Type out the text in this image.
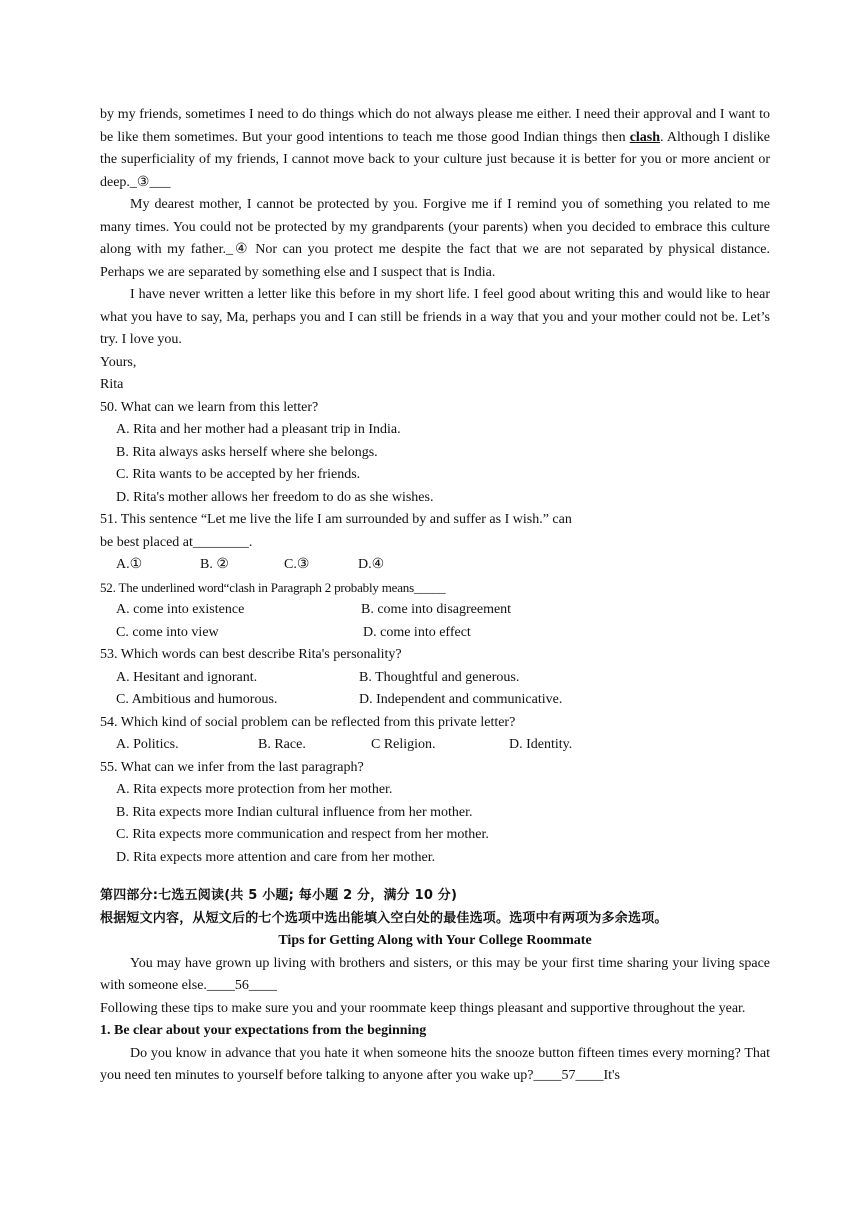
by my friends, sometimes I need to do things which do not always please me either. I need their approval and I want to be like them sometimes. But your good intentions to teach me those good Indian things then clash. Although I dislike the superficiality of my friends, I cannot move back to your culture just because it is better for you or more ancient or deep._③___

My dearest mother, I cannot be protected by you. Forgive me if I remind you of something you related to me many times. You could not be protected by my grandparents (your parents) when you decided to embrace this culture along with my father._④ Nor can you protect me despite the fact that we are not separated by physical distance. Perhaps we are separated by something else and I suspect that is India.

I have never written a letter like this before in my short life. I feel good about writing this and would like to hear what you have to say, Ma, perhaps you and I can still be friends in a way that you and your mother could not be. Let’s try. I love you.

Yours,

Rita

50. What can we learn from this letter?

A. Rita and her mother had a pleasant trip in India.

B. Rita always asks herself where she belongs.

C. Rita wants to be accepted by her friends.

D. Rita's mother allows her freedom to do as she wishes.

51. This sentence “Let me live the life I am surrounded by and suffer as I wish.” can

be best placed at________.

A.①	B. ②	C.③	D.④

52. The underlined word“clash in Paragraph 2 probably means_____

A. come into existence	B. come into disagreement
C. come into view	D. come into effect

53. Which words can best describe Rita's personality?

A. Hesitant and ignorant.	B. Thoughtful and generous.
C. Ambitious and humorous.	D. Independent and communicative.

54. Which kind of social problem can be reflected from this private letter?

A. Politics.	B. Race.	C Religion.	D. Identity.

55. What can we infer from the last paragraph?

A. Rita expects more protection from her mother.

B. Rita expects more Indian cultural influence from her mother.

C. Rita expects more communication and respect from her mother.

D. Rita expects more attention and care from her mother.

第四部分:七选五阅读(共 5 小题; 每小题 2 分，满分 10 分)

根据短文内容，从短文后的七个选项中选出能填入空白处的最佳选项。选项中有两项为多余选项。

Tips for Getting Along with Your College Roommate

You may have grown up living with brothers and sisters, or this may be your first time sharing your living space with someone else.____56____

Following these tips to make sure you and your roommate keep things pleasant and supportive throughout the year.

1. Be clear about your expectations from the beginning

Do you know in advance that you hate it when someone hits the snooze button fifteen times every morning? That you need ten minutes to yourself before talking to anyone after you wake up?____57____It's
